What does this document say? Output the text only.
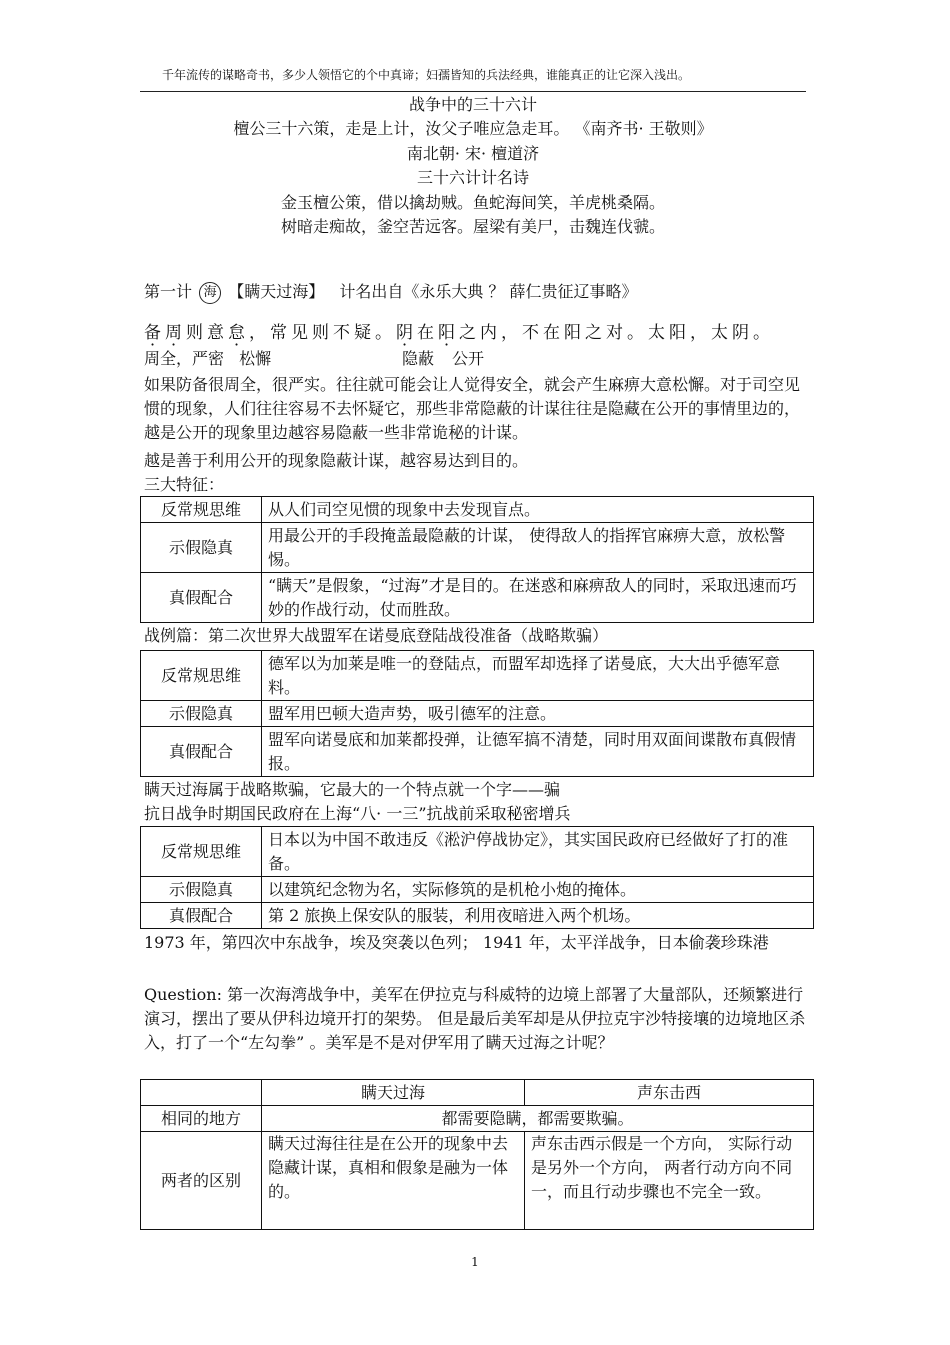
千年流传的谋略奇书，多少人领悟它的个中真谛；妇孺皆知的兵法经典，谁能真正的让它深入浅出。
战争中的三十六计
檀公三十六策，走是上计，汝父子唯应急走耳。 《南齐书· 王敬则》
南北朝· 宋· 檀道济
三十六计计名诗
金玉檀公策，借以擒劫贼。鱼蛇海间笑，羊虎桃桑隔。
树暗走痴故，釜空苦远客。屋梁有美尸，击魏连伐虢。
第一计 海 【瞒天过海】 计名出自《永乐大典 ？ 薛仁贵征辽事略》
备周则意怠，常见则不疑。阴在阳之内，不在阳之对。太阳，太阴。
周全，严密 松懈	隐蔽 公开
如果防备很周全，很严实。往往就可能会让人觉得安全，就会产生麻痹大意松懈。对于司空见惯的现象，人们往往容易不去怀疑它，那些非常隐蔽的计谋往往是隐藏在公开的事情里边的，越是公开的现象里边越容易隐蔽一些非常诡秘的计谋。
越是善于利用公开的现象隐蔽计谋，越容易达到目的。
三大特征：
反常规思维	从人们司空见惯的现象中去发现盲点。
示假隐真	用最公开的手段掩盖最隐蔽的计谋， 使得敌人的指挥官麻痹大意，放松警惕。
真假配合	“瞒天”是假象，“过海”才是目的。在迷惑和麻痹敌人的同时，采取迅速而巧妙的作战行动，仗而胜敌。
战例篇：第二次世界大战盟军在诺曼底登陆战役准备（战略欺骗）
反常规思维	德军以为加莱是唯一的登陆点，而盟军却选择了诺曼底，大大出乎德军意料。
示假隐真	盟军用巴顿大造声势，吸引德军的注意。
真假配合	盟军向诺曼底和加莱都投弹，让德军搞不清楚，同时用双面间谍散布真假情报。
瞒天过海属于战略欺骗，它最大的一个特点就一个字——骗
抗日战争时期国民政府在上海“八· 一三”抗战前采取秘密增兵
反常规思维	日本以为中国不敢违反《淞沪停战协定》，其实国民政府已经做好了打的准备。
示假隐真	以建筑纪念物为名，实际修筑的是机枪小炮的掩体。
真假配合	第 2 旅换上保安队的服装，利用夜暗进入两个机场。
1973 年，第四次中东战争，埃及突袭以色列； 1941 年，太平洋战争，日本偷袭珍珠港
Question: 第一次海湾战争中，美军在伊拉克与科威特的边境上部署了大量部队，还频繁进行演习，摆出了要从伊科边境开打的架势。 但是最后美军却是从伊拉克宇沙特接壤的边境地区杀入，打了一个“左勾拳” 。美军是不是对伊军用了瞒天过海之计呢？
	瞒天过海	声东击西
相同的地方	都需要隐瞒，都需要欺骗。	
两者的区别	瞒天过海往往是在公开的现象中去隐藏计谋，真相和假象是融为一体的。	声东击西示假是一个方向， 实际行动是另外一个方向， 两者行动方向不同一，而且行动步骤也不完全一致。
1
